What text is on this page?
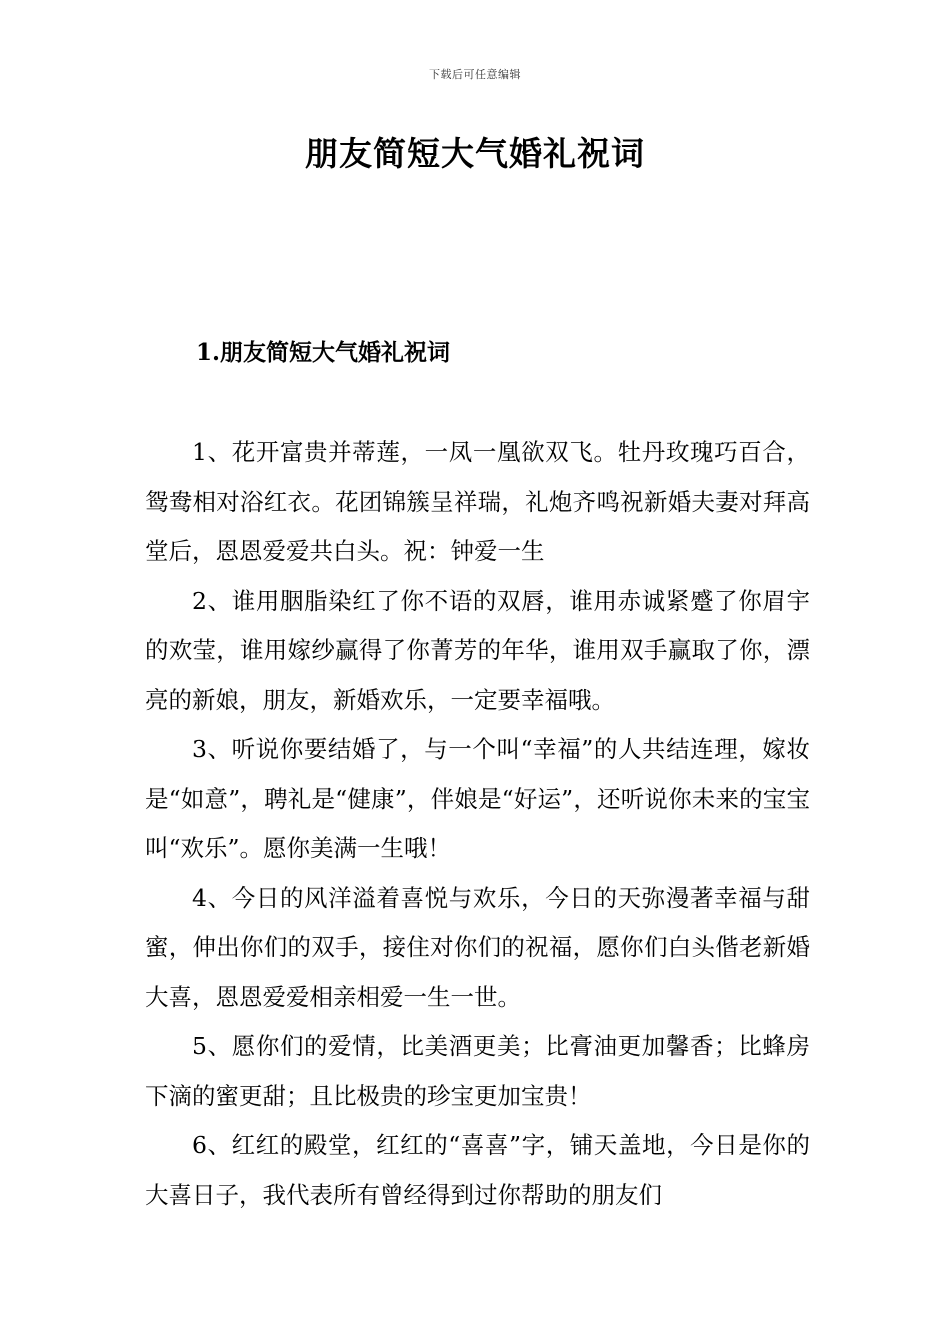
下载后可任意编辑
朋友简短大气婚礼祝词
1.朋友简短大气婚礼祝词

1、花开富贵并蒂莲，一凤一凰欲双飞。牡丹玫瑰巧百合，鸳鸯相对浴红衣。花团锦簇呈祥瑞，礼炮齐鸣祝新婚夫妻对拜高堂后，恩恩爱爱共白头。祝：钟爱一生

2、谁用胭脂染红了你不语的双唇，谁用赤诚紧蹙了你眉宇的欢莹，谁用嫁纱赢得了你菁芳的年华，谁用双手赢取了你，漂亮的新娘，朋友，新婚欢乐，一定要幸福哦。

3、听说你要结婚了，与一个叫“幸福”的人共结连理，嫁妆是“如意”，聘礼是“健康”，伴娘是“好运”，还听说你未来的宝宝叫“欢乐”。愿你美满一生哦！

4、今日的风洋溢着喜悦与欢乐，今日的天弥漫著幸福与甜蜜，伸出你们的双手，接住对你们的祝福，愿你们白头偕老新婚大喜，恩恩爱爱相亲相爱一生一世。

5、愿你们的爱情，比美酒更美；比膏油更加馨香；比蜂房下滴的蜜更甜；且比极贵的珍宝更加宝贵！

6、红红的殿堂，红红的“喜喜”字，铺天盖地，今日是你的大喜日子，我代表所有曾经得到过你帮助的朋友们
